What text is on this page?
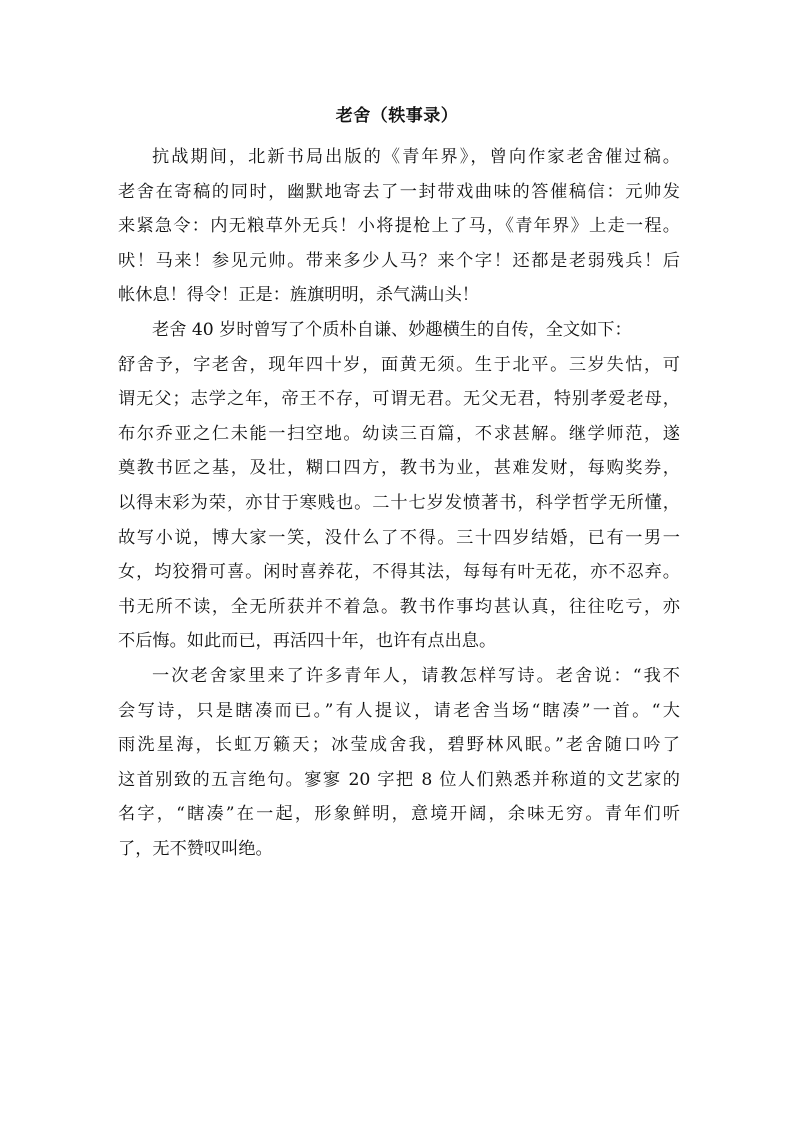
老舍（轶事录）

抗战期间，北新书局出版的《青年界》，曾向作家老舍催过稿。
老舍在寄稿的同时，幽默地寄去了一封带戏曲味的答催稿信：元帅发
来紧急令：内无粮草外无兵！小将提枪上了马，《青年界》上走一程。
吠！马来！参见元帅。带来多少人马？来个字！还都是老弱残兵！后
帐休息！得令！正是：旌旗明明，杀气满山头！

老舍 40 岁时曾写了个质朴自谦、妙趣横生的自传，全文如下：
舒舍予，字老舍，现年四十岁，面黄无须。生于北平。三岁失怙，可
谓无父；志学之年，帝王不存，可谓无君。无父无君，特别孝爱老母，
布尔乔亚之仁未能一扫空地。幼读三百篇，不求甚解。继学师范，遂
奠教书匠之基，及壮，糊口四方，教书为业，甚难发财，每购奖券，
以得末彩为荣，亦甘于寒贱也。二十七岁发愤著书，科学哲学无所懂，
故写小说，博大家一笑，没什么了不得。三十四岁结婚，已有一男一
女，均狡猾可喜。闲时喜养花，不得其法，每每有叶无花，亦不忍弃。
书无所不读，全无所获并不着急。教书作事均甚认真，往往吃亏，亦
不后悔。如此而已，再活四十年，也许有点出息。

一次老舍家里来了许多青年人，请教怎样写诗。老舍说：“我不
会写诗，只是瞎凑而已。”有人提议，请老舍当场“瞎凑”一首。“大
雨洗星海，长虹万籁天；冰莹成舍我，碧野林风眠。”老舍随口吟了
这首别致的五言绝句。寥寥 20 字把 8 位人们熟悉并称道的文艺家的
名字，“瞎凑”在一起，形象鲜明，意境开阔，余味无穷。青年们听
了，无不赞叹叫绝。
